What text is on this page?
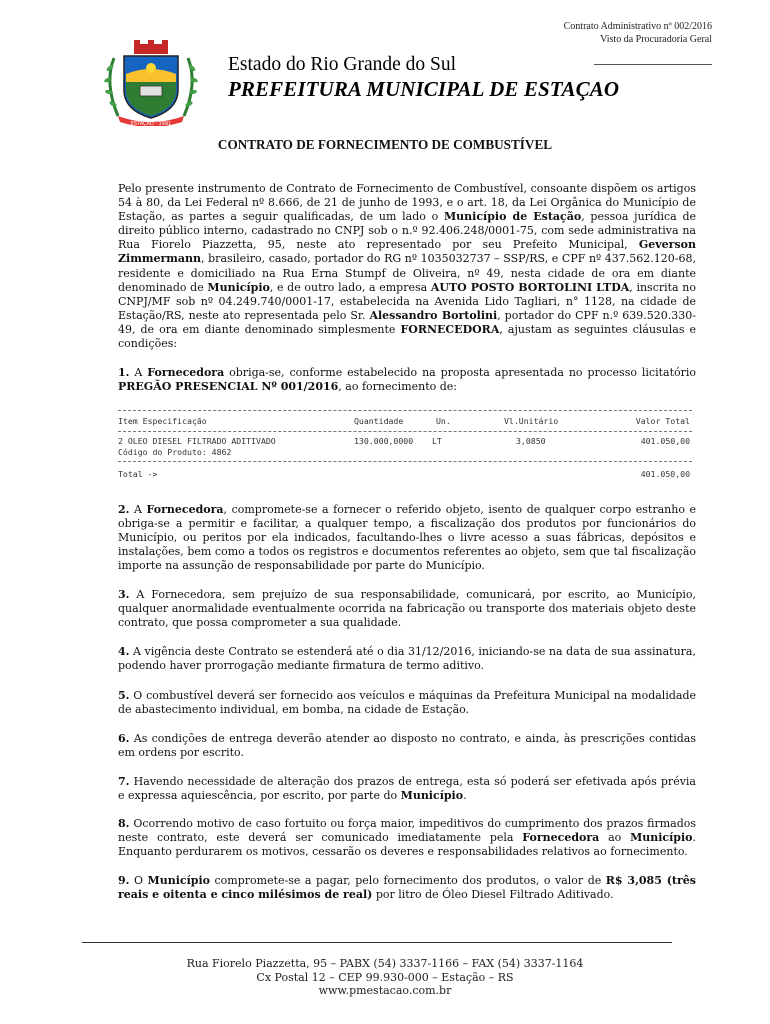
Contrato Administrativo nº 002/2016
Visto da Procuradoria Geral
ESTAÇÃO · 1991
Estado do Rio Grande do Sul
PREFEITURA MUNICIPAL DE ESTAÇAO
CONTRATO DE FORNECIMENTO DE COMBUSTÍVEL

Pelo presente instrumento de Contrato de Fornecimento de Combustível, consoante dispõem os artigos 54 à 80, da Lei Federal nº 8.666, de 21 de junho de 1993, e o art. 18, da Lei Orgânica do Município de Estação, as partes a seguir qualificadas, de um lado o Município de Estação, pessoa jurídica de direito público interno, cadastrado no CNPJ sob o n.º 92.406.248/0001-75, com sede administrativa na Rua Fiorelo Piazzetta, 95, neste ato representado por seu Prefeito Municipal, Geverson Zimmermann, brasileiro, casado, portador do RG nº 1035032737 – SSP/RS, e CPF nº 437.562.120-68, residente e domiciliado na Rua Erna Stumpf de Oliveira, nº 49, nesta cidade de ora em diante denominado de Município, e de outro lado, a empresa AUTO POSTO BORTOLINI LTDA, inscrita no CNPJ/MF sob nº 04.249.740/0001-17, estabelecida na Avenida Lido Tagliari, n° 1128, na cidade de Estação/RS, neste ato representada pelo Sr. Alessandro Bortolini, portador do CPF n.º 639.520.330-49, de ora em diante denominado simplesmente FORNECEDORA, ajustam as seguintes cláusulas e condições:

1. A Fornecedora obriga-se, conforme estabelecido na proposta apresentada no processo licitatório PREGÃO PRESENCIAL Nº 001/2016, ao fornecimento de:

Item Especificação	Quantidade	Un.	Vl.Unitário	Valor Total
2 OLEO DIESEL FILTRADO ADITIVADO	130.000,0000 LT	3,0850	401.050,00
Código do Produto: 4862
Total ->	401.050,00

2. A Fornecedora, compromete-se a fornecer o referido objeto, isento de qualquer corpo estranho e obriga-se a permitir e facilitar, a qualquer tempo, a fiscalização dos produtos por funcionários do Município, ou peritos por ela indicados, facultando-lhes o livre acesso a suas fábricas, depósitos e instalações, bem como a todos os registros e documentos referentes ao objeto, sem que tal fiscalização importe na assunção de responsabilidade por parte do Município.

3. A Fornecedora, sem prejuízo de sua responsabilidade, comunicará, por escrito, ao Município, qualquer anormalidade eventualmente ocorrida na fabricação ou transporte dos materiais objeto deste contrato, que possa comprometer a sua qualidade.

4. A vigência deste Contrato se estenderá até o dia 31/12/2016, iniciando-se na data de sua assinatura, podendo haver prorrogação mediante firmatura de termo aditivo.

5. O combustível deverá ser fornecido aos veículos e máquinas da Prefeitura Municipal na modalidade de abastecimento individual, em bomba, na cidade de Estação.

6. As condições de entrega deverão atender ao disposto no contrato, e ainda, às prescrições contidas em ordens por escrito.

7. Havendo necessidade de alteração dos prazos de entrega, esta só poderá ser efetivada após prévia e expressa aquiescência, por escrito, por parte do Município.

8. Ocorrendo motivo de caso fortuito ou força maior, impeditivos do cumprimento dos prazos firmados neste contrato, este deverá ser comunicado imediatamente pela Fornecedora ao Município. Enquanto perdurarem os motivos, cessarão os deveres e responsabilidades relativos ao fornecimento.

9. O Município compromete-se a pagar, pelo fornecimento dos produtos, o valor de R$ 3,085 (três reais e oitenta e cinco milésimos de real) por litro de Óleo Diesel Filtrado Aditivado.

Rua Fiorelo Piazzetta, 95 – PABX (54) 3337-1166 – FAX (54) 3337-1164
Cx Postal 12 – CEP 99.930-000 – Estação – RS
www.pmestacao.com.br
